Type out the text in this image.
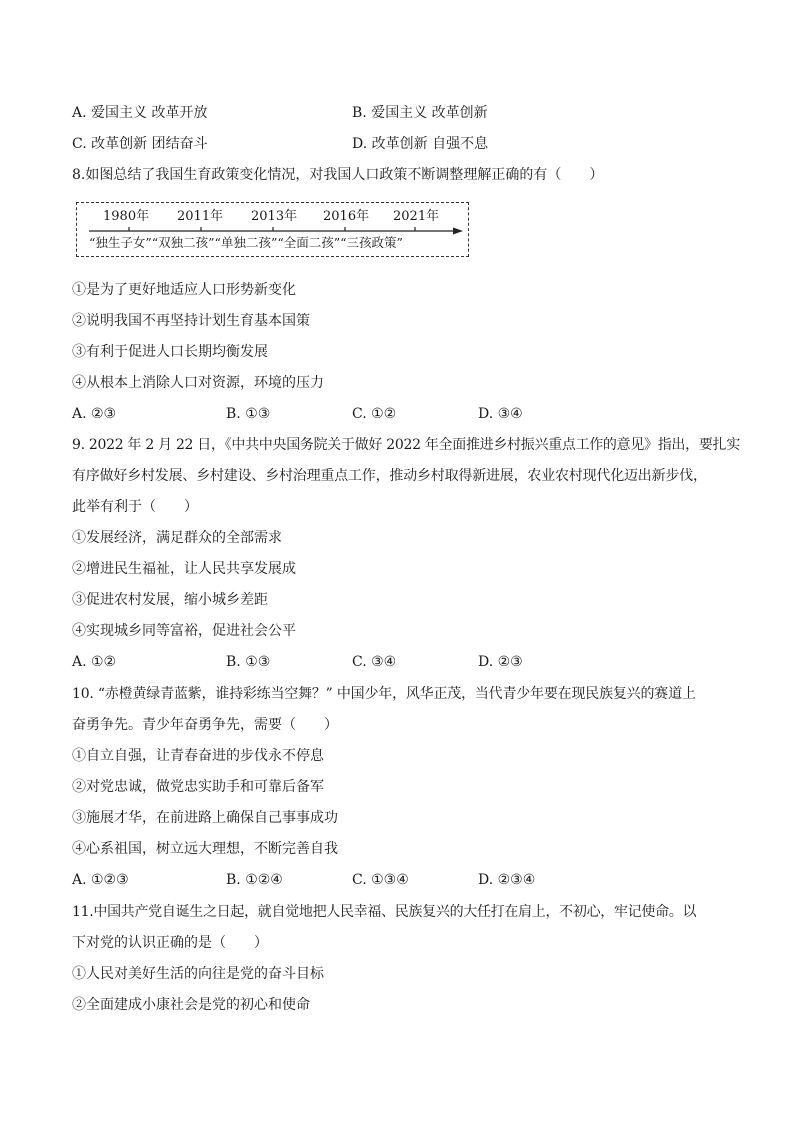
A. 爱国主义 改革开放	B. 爱国主义 改革创新
C. 改革创新 团结奋斗	D. 改革创新 自强不息
8.如图总结了我国生育政策变化情况，对我国人口政策不断调整理解正确的有（　　）
1980年 2011年 2013年 2016年 2021年
“独生子女”“双独二孩”“单独二孩”“全面二孩”“三孩政策”
①是为了更好地适应人口形势新变化
②说明我国不再坚持计划生育基本国策
③有利于促进人口长期均衡发展
④从根本上消除人口对资源，环境的压力
A. ②③	B. ①③	C. ①②	D. ③④
9. 2022 年 2 月 22 日，《中共中央国务院关于做好 2022 年全面推进乡村振兴重点工作的意见》指出，要扎实
有序做好乡村发展、乡村建设、乡村治理重点工作，推动乡村取得新进展，农业农村现代化迈出新步伐，
此举有利于（　　）
①发展经济，满足群众的全部需求
②增进民生福祉，让人民共享发展成
③促进农村发展，缩小城乡差距
④实现城乡同等富裕，促进社会公平
A. ①②	B. ①③	C. ③④	D. ②③
10. “赤橙黄绿青蓝紫，谁持彩练当空舞？” 中国少年，风华正茂，当代青少年要在现民族复兴的赛道上
奋勇争先。青少年奋勇争先，需要（　　）
①自立自强，让青春奋进的步伐永不停息
②对党忠诚，做党忠实助手和可靠后备军
③施展才华，在前进路上确保自己事事成功
④心系祖国，树立远大理想，不断完善自我
A. ①②③	B. ①②④	C. ①③④	D. ②③④
11.中国共产党自诞生之日起，就自觉地把人民幸福、民族复兴的大任打在肩上，不初心，牢记使命。以
下对党的认识正确的是（　　）
①人民对美好生活的向往是党的奋斗目标
②全面建成小康社会是党的初心和使命
